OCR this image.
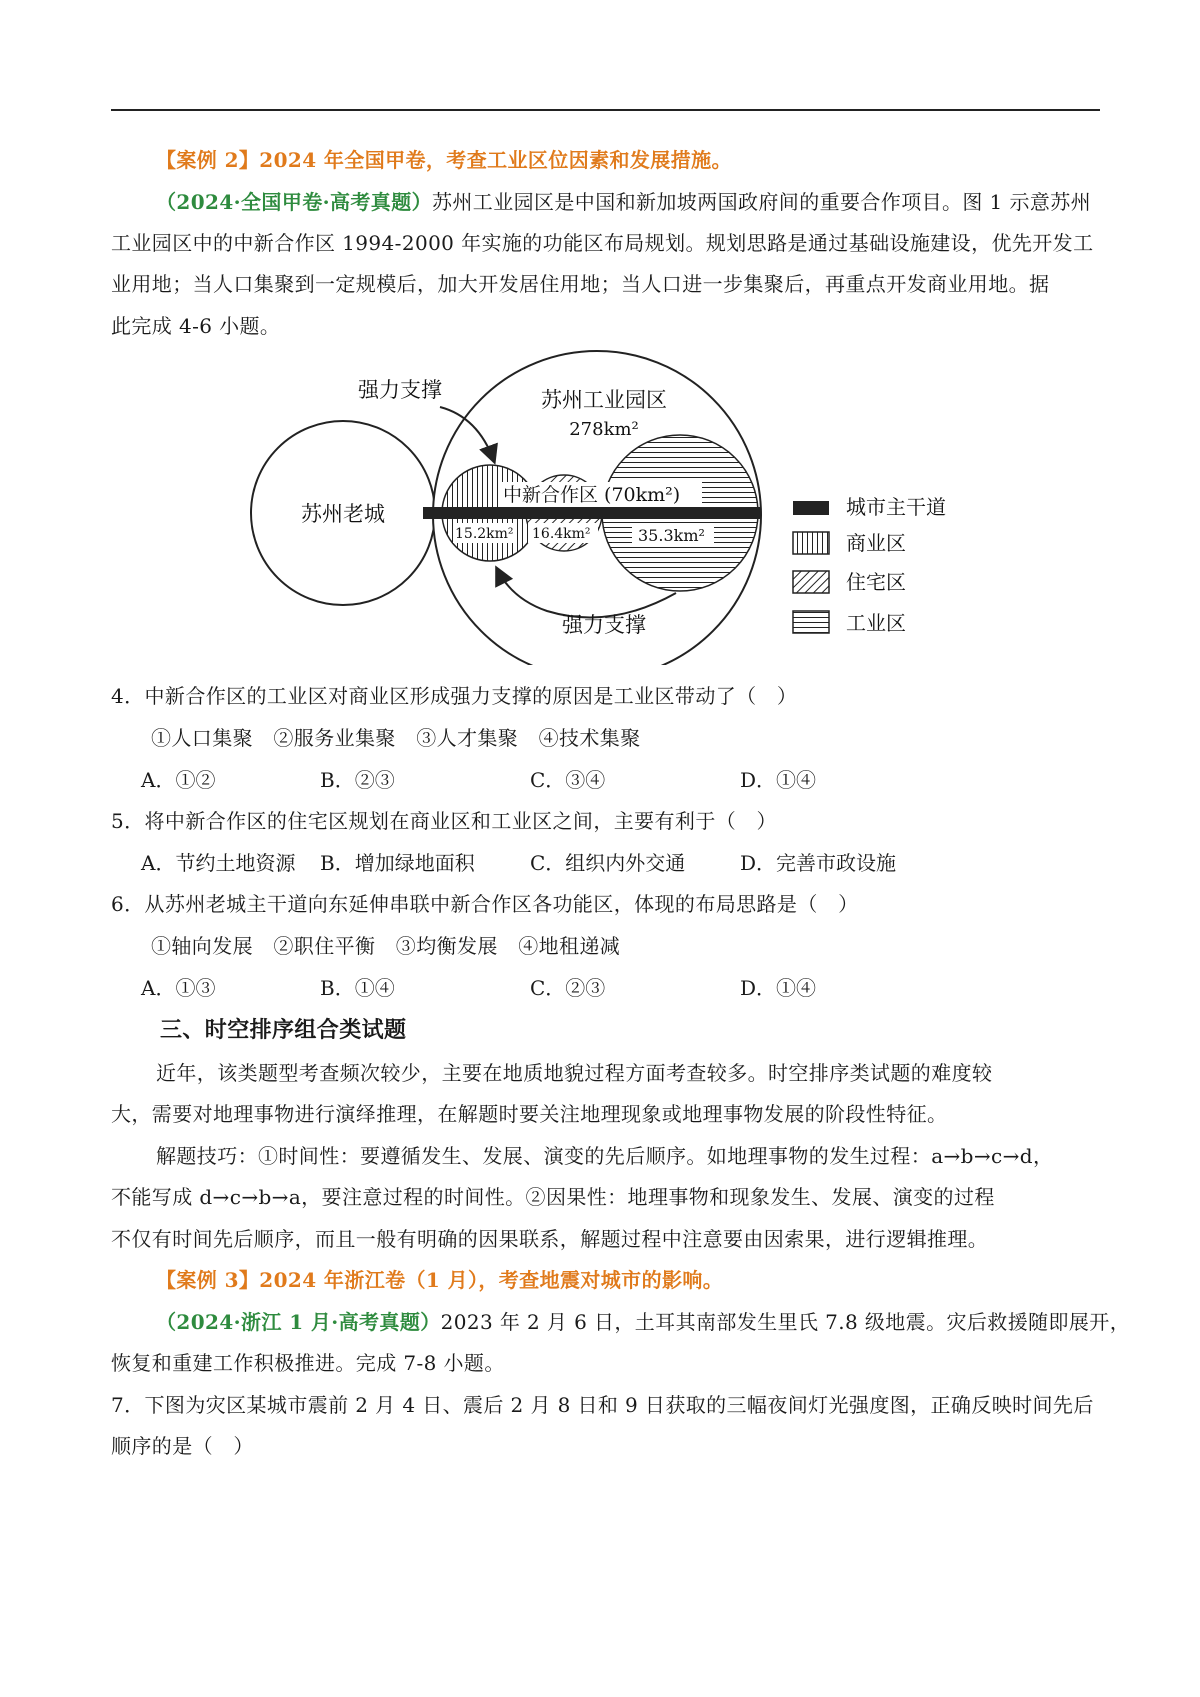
【案例 2】2024 年全国甲卷，考查工业区位因素和发展措施。
（2024·全国甲卷·高考真题）苏州工业园区是中国和新加坡两国政府间的重要合作项目。图 1 示意苏州
工业园区中的中新合作区 1994-2000 年实施的功能区布局规划。规划思路是通过基础设施建设，优先开发工
业用地；当人口集聚到一定规模后，加大开发居住用地；当人口进一步集聚后，再重点开发商业用地。据
此完成 4-6 小题。
中新合作区 (70km²)
15.2km² 16.4km²	35.3km²
苏州老城
苏州工业园区
278km²
强力支撑
强力支撑
城市主干道
商业区
住宅区
工业区
4．中新合作区的工业区对商业区形成强力支撑的原因是工业区带动了（　）
①人口集聚　②服务业集聚　③人才集聚　④技术集聚
A．①②	B．②③	C．③④	D．①④
5．将中新合作区的住宅区规划在商业区和工业区之间，主要有利于（　）
A．节约土地资源 B．增加绿地面积	C．组织内外交通	D．完善市政设施
6．从苏州老城主干道向东延伸串联中新合作区各功能区，体现的布局思路是（　）
①轴向发展　②职住平衡　③均衡发展　④地租递减
A．①③	B．①④	C．②③	D．①④
三、时空排序组合类试题
近年，该类题型考查频次较少，主要在地质地貌过程方面考查较多。时空排序类试题的难度较
大，需要对地理事物进行演绎推理，在解题时要关注地理现象或地理事物发展的阶段性特征。
解题技巧：①时间性：要遵循发生、发展、演变的先后顺序。如地理事物的发生过程：a→b→c→d，
不能写成 d→c→b→a，要注意过程的时间性。②因果性：地理事物和现象发生、发展、演变的过程
不仅有时间先后顺序，而且一般有明确的因果联系，解题过程中注意要由因索果，进行逻辑推理。
【案例 3】2024 年浙江卷（1 月），考查地震对城市的影响。
（2024·浙江 1 月·高考真题）2023 年 2 月 6 日，土耳其南部发生里氏 7.8 级地震。灾后救援随即展开，
恢复和重建工作积极推进。完成 7-8 小题。
7．下图为灾区某城市震前 2 月 4 日、震后 2 月 8 日和 9 日获取的三幅夜间灯光强度图，正确反映时间先后
顺序的是（　）
